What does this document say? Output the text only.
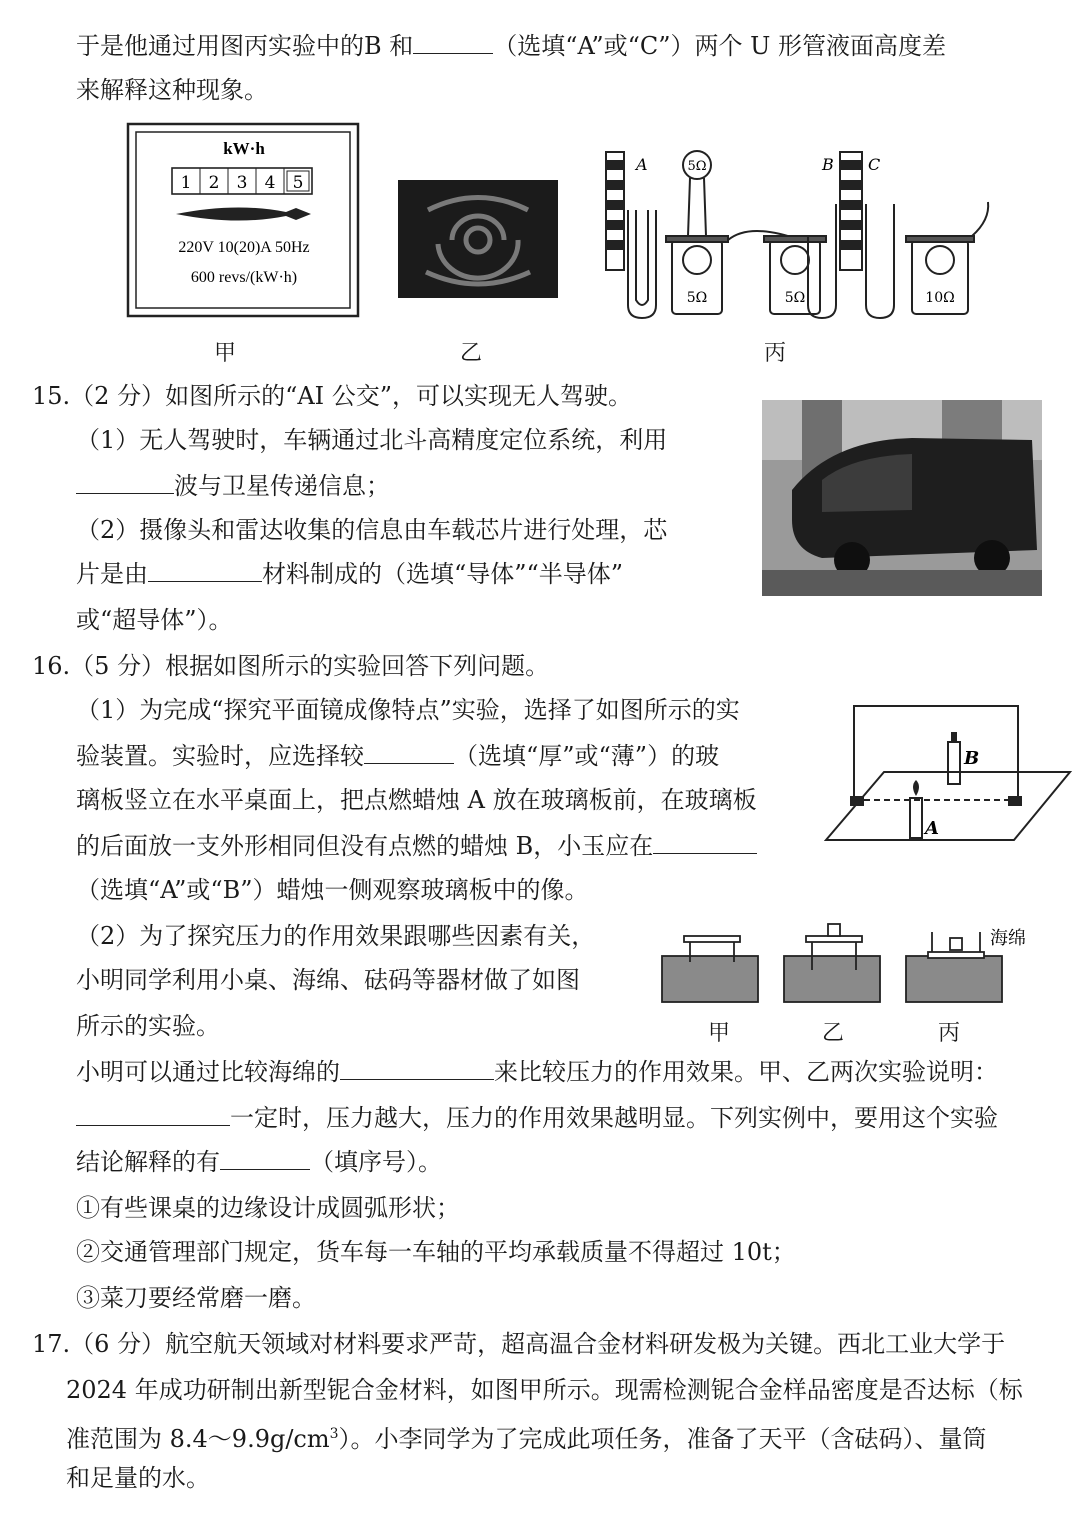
于是他通过用图丙实验中的B 和	（选填“A”或“C”）两个 U 形管液面高度差
来解释这种现象。
kW·h
1 2 3 4 5
220V 10(20)A 50Hz
600 revs/(kW·h)
甲	乙
A	B C
5Ω
5Ω	5Ω	10Ω
丙
15.（2 分）如图所示的“AI 公交”，可以实现无人驾驶。
（1）无人驾驶时，车辆通过北斗高精度定位系统，利用
波与卫星传递信息；
（2）摄像头和雷达收集的信息由车载芯片进行处理，芯
片是由	材料制成的（选填“导体”“半导体”
或“超导体”）。
16.（5 分）根据如图所示的实验回答下列问题。
（1）为完成“探究平面镜成像特点”实验，选择了如图所示的实
验装置。实验时，应选择较	（选填“厚”或“薄”）的玻
璃板竖立在水平桌面上，把点燃蜡烛 A 放在玻璃板前，在玻璃板
的后面放一支外形相同但没有点燃的蜡烛 B，小玉应在
（选填“A”或“B”）蜡烛一侧观察玻璃板中的像。
B
A
（2）为了探究压力的作用效果跟哪些因素有关，
小明同学利用小桌、海绵、砝码等器材做了如图
所示的实验。
海绵
甲	乙	丙
小明可以通过比较海绵的	来比较压力的作用效果。甲、乙两次实验说明：
一定时，压力越大，压力的作用效果越明显。下列实例中，要用这个实验
结论解释的有	（填序号）。
①有些课桌的边缘设计成圆弧形状；
②交通管理部门规定，货车每一车轴的平均承载质量不得超过 10t；
③菜刀要经常磨一磨。
17.（6 分）航空航天领域对材料要求严苛，超高温合金材料研发极为关键。西北工业大学于
2024 年成功研制出新型铌合金材料，如图甲所示。现需检测铌合金样品密度是否达标（标
准范围为 $8.4\sim 9.9g/cm^3$）。小李同学为了完成此项任务，准备了天平（含砝码）、量筒
和足量的水。
